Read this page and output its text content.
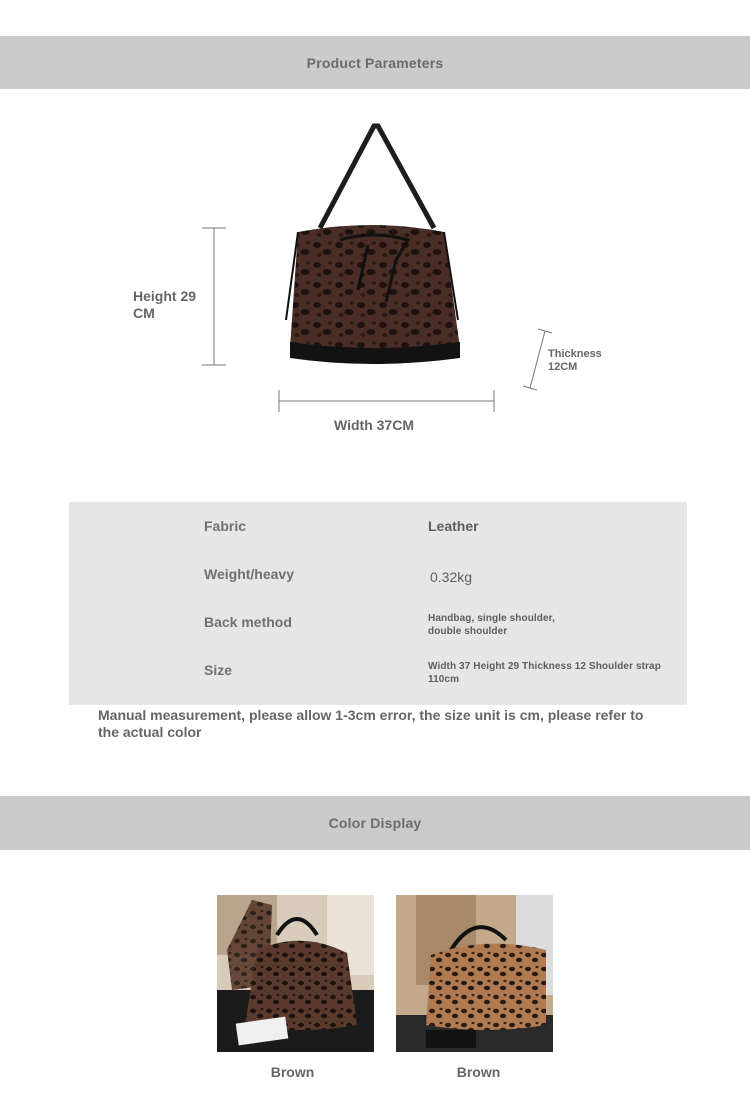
Product Parameters
Height 29 CM
Width 37CM
Thickness 12CM
Fabric	Leather
Weight/heavy	0.32kg
Back method	Handbag, single shoulder, double shoulder
Size	Width 37 Height 29 Thickness 12 Shoulder strap 110cm
Manual measurement, please allow 1-3cm error, the size unit is cm, please refer to the actual color
Color Display
Brown	Brown
